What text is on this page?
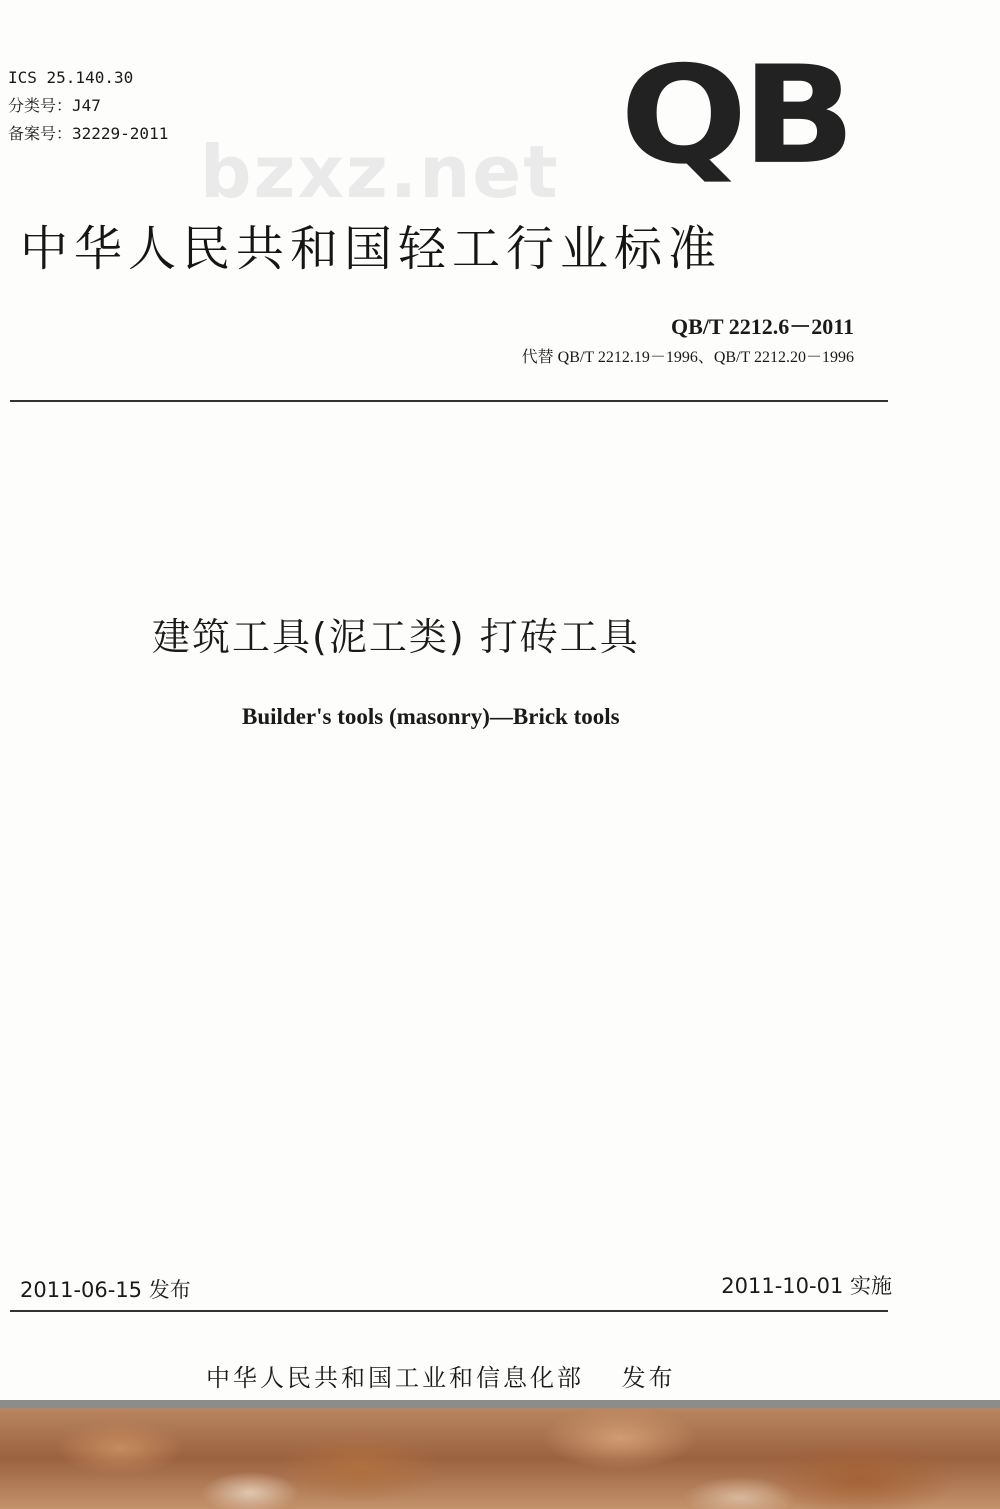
ICS 25.140.30
分类号：J47
备案号：32229-2011 bzxz.net QB
中华人民共和国轻工行业标准
QB/T 2212.6－2011
代替 QB/T 2212.19－1996、QB/T 2212.20－1996
建筑工具(泥工类) 打砖工具
Builder's tools (masonry)—Brick tools
2011-06-15 发布	2011-10-01 实施
中华人民共和国工业和信息化部　 发布
